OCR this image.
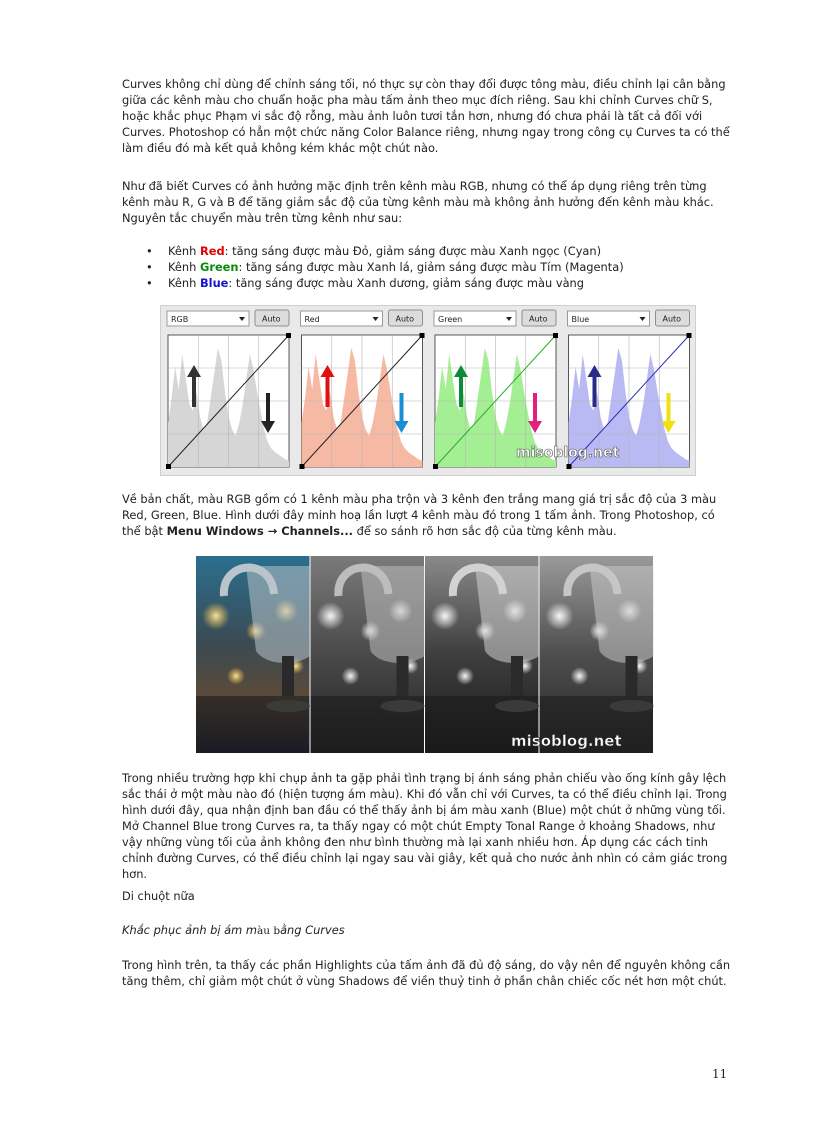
Curves không chỉ dùng để chỉnh sáng tối, nó thực sự còn thay đổi được tông màu, điều chỉnh lại cân bằng giữa các kênh màu cho chuẩn hoặc pha màu tấm ảnh theo mục đích riêng. Sau khi chỉnh Curves chữ S, hoặc khắc phục Phạm vi sắc độ rỗng, màu ảnh luôn tươi tắn hơn, nhưng đó chưa phải là tất cả đối với Curves. Photoshop có hẳn một chức năng Color Balance riêng, nhưng ngay trong công cụ Curves ta có thể làm điều đó mà kết quả không kém khác một chút nào.

Như đã biết Curves có ảnh hưởng mặc định trên kênh màu RGB, nhưng có thể áp dụng riêng trên từng kênh màu R, G và B để tăng giảm sắc độ của từng kênh màu mà không ảnh hưởng đến kênh màu khác. Nguyên tắc chuyển màu trên từng kênh như sau:

• Kênh Red: tăng sáng được màu Đỏ, giảm sáng được màu Xanh ngọc (Cyan)
• Kênh Green: tăng sáng được màu Xanh lá, giảm sáng được màu Tím (Magenta)
• Kênh Blue: tăng sáng được màu Xanh dương, giảm sáng được màu vàng
RGB	Auto	Red	Auto	Green	Auto	Blue	Auto
misoblog.net

Về bản chất, màu RGB gồm có 1 kênh màu pha trộn và 3 kênh đen trắng mang giá trị sắc độ của 3 màu Red, Green, Blue. Hình dưới đây minh hoạ lần lượt 4 kênh màu đó trong 1 tấm ảnh. Trong Photoshop, có thể bật Menu Windows → Channels... để so sánh rõ hơn sắc độ của từng kênh màu.

misoblog.net

Trong nhiều trường hợp khi chụp ảnh ta gặp phải tình trạng bị ánh sáng phản chiếu vào ống kính gây lệch sắc thái ở một màu nào đó (hiện tượng ám màu). Khi đó vẫn chỉ với Curves, ta có thể điều chỉnh lại. Trong hình dưới đây, qua nhận định ban đầu có thể thấy ảnh bị ám màu xanh (Blue) một chút ở những vùng tối. Mở Channel Blue trong Curves ra, ta thấy ngay có một chút Empty Tonal Range ở khoảng Shadows, như vậy những vùng tối của ảnh không đen như bình thường mà lại xanh nhiều hơn. Áp dụng các cách tinh chỉnh đường Curves, có thể điều chỉnh lại ngay sau vài giây, kết quả cho nước ảnh nhìn có cảm giác trong hơn.

Di chuột nữa

Khắc phục ảnh bị ám màu bằng Curves

Trong hình trên, ta thấy các phần Highlights của tấm ảnh đã đủ độ sáng, do vậy nên để nguyên không cần tăng thêm, chỉ giảm một chút ở vùng Shadows để viền thuỷ tinh ở phần chân chiếc cốc nét hơn một chút.

11
